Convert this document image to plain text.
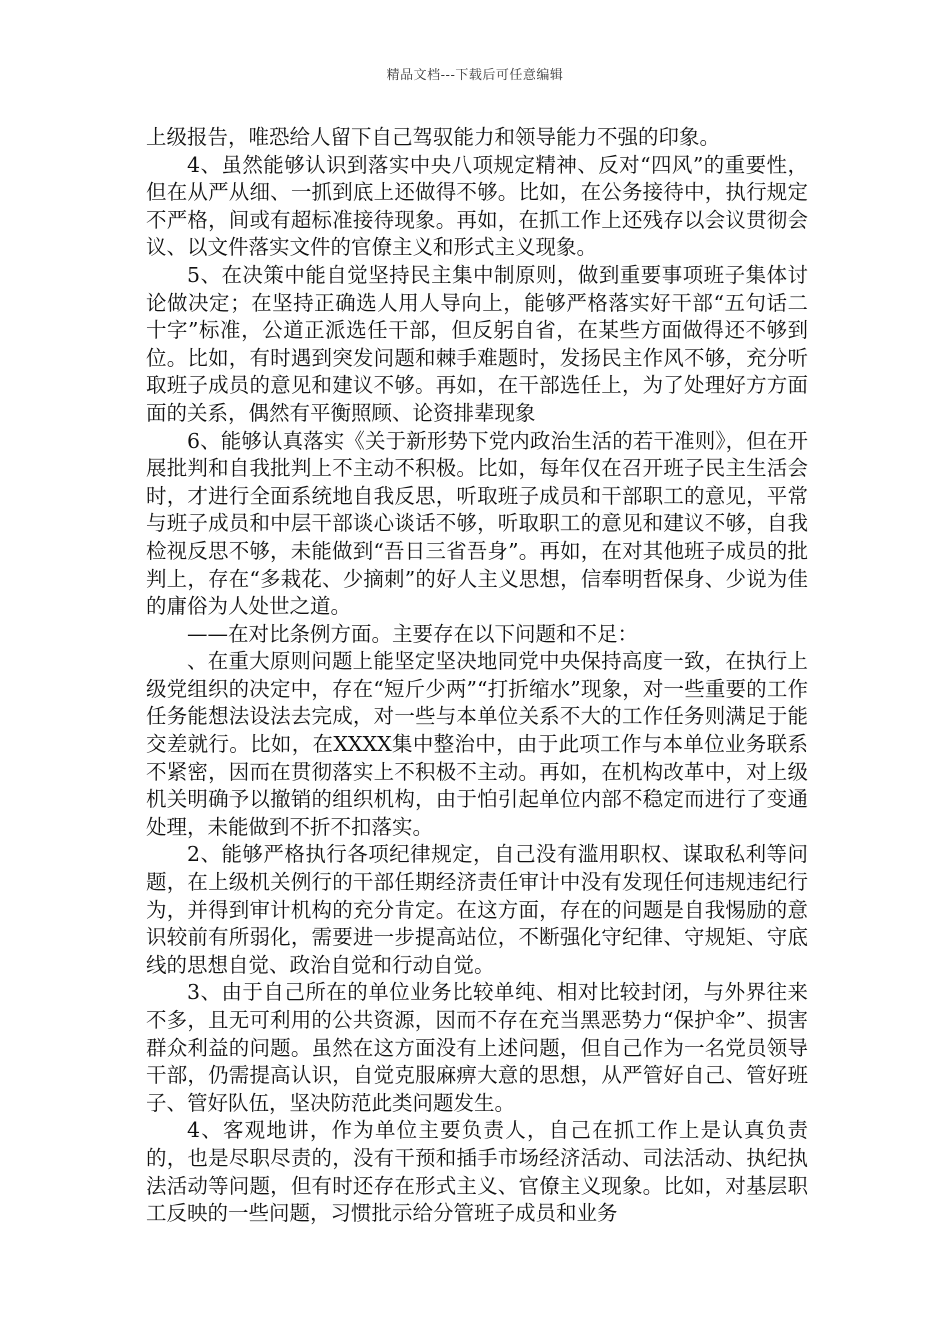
精品文档---下载后可任意编辑

上级报告，唯恐给人留下自己驾驭能力和领导能力不强的印象。

4、虽然能够认识到落实中央八项规定精神、反对“四风”的重要性，但在从严从细、一抓到底上还做得不够。比如，在公务接待中，执行规定不严格，间或有超标准接待现象。再如，在抓工作上还残存以会议贯彻会议、以文件落实文件的官僚主义和形式主义现象。

5、在决策中能自觉坚持民主集中制原则，做到重要事项班子集体讨论做决定；在坚持正确选人用人导向上，能够严格落实好干部“五句话二十字”标准，公道正派选任干部，但反躬自省，在某些方面做得还不够到位。比如，有时遇到突发问题和棘手难题时，发扬民主作风不够，充分听取班子成员的意见和建议不够。再如，在干部选任上，为了处理好方方面面的关系，偶然有平衡照顾、论资排辈现象

6、能够认真落实《关于新形势下党内政治生活的若干准则》，但在开展批判和自我批判上不主动不积极。比如，每年仅在召开班子民主生活会时，才进行全面系统地自我反思，听取班子成员和干部职工的意见，平常与班子成员和中层干部谈心谈话不够，听取职工的意见和建议不够，自我检视反思不够，未能做到“吾日三省吾身”。再如，在对其他班子成员的批判上，存在“多栽花、少摘刺”的好人主义思想，信奉明哲保身、少说为佳的庸俗为人处世之道。

——在对比条例方面。主要存在以下问题和不足：

、在重大原则问题上能坚定坚决地同党中央保持高度一致，在执行上级党组织的决定中，存在“短斤少两”“打折缩水”现象，对一些重要的工作任务能想法设法去完成，对一些与本单位关系不大的工作任务则满足于能交差就行。比如，在XXXX集中整治中，由于此项工作与本单位业务联系不紧密，因而在贯彻落实上不积极不主动。再如，在机构改革中，对上级机关明确予以撤销的组织机构，由于怕引起单位内部不稳定而进行了变通处理，未能做到不折不扣落实。

2、能够严格执行各项纪律规定，自己没有滥用职权、谋取私利等问题，在上级机关例行的干部任期经济责任审计中没有发现任何违规违纪行为，并得到审计机构的充分肯定。在这方面，存在的问题是自我惕励的意识较前有所弱化，需要进一步提高站位，不断强化守纪律、守规矩、守底线的思想自觉、政治自觉和行动自觉。

3、由于自己所在的单位业务比较单纯、相对比较封闭，与外界往来不多，且无可利用的公共资源，因而不存在充当黑恶势力“保护伞”、损害群众利益的问题。虽然在这方面没有上述问题，但自己作为一名党员领导干部，仍需提高认识，自觉克服麻痹大意的思想，从严管好自己、管好班子、管好队伍，坚决防范此类问题发生。

4、客观地讲，作为单位主要负责人，自己在抓工作上是认真负责的，也是尽职尽责的，没有干预和插手市场经济活动、司法活动、执纪执法活动等问题，但有时还存在形式主义、官僚主义现象。比如，对基层职工反映的一些问题，习惯批示给分管班子成员和业务
